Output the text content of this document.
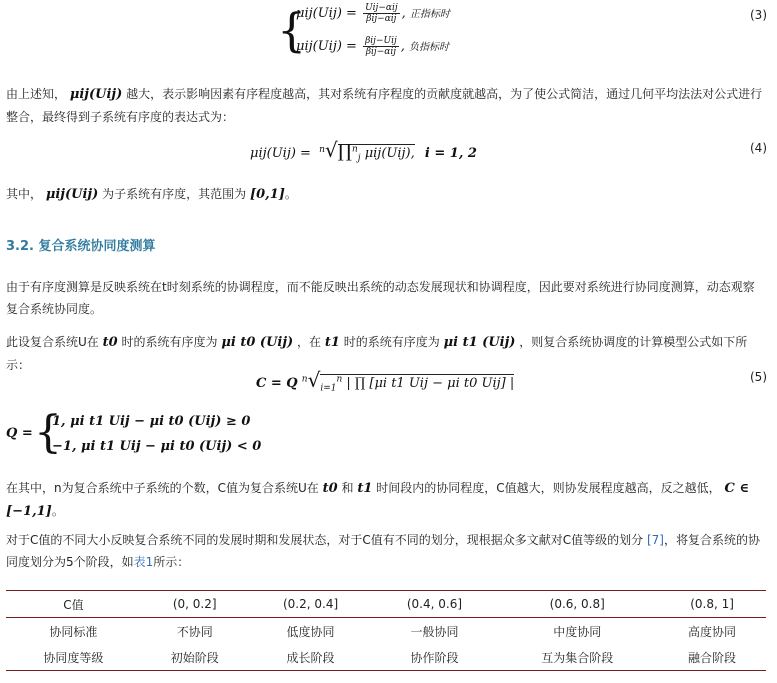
{
$\mu ij(Uij) = \frac{\text{Uij−αij}}{\text{βij−αij}}$ , 正指标时
$\mu ij(Uij) = \frac{\text{βij−Uij}}{\text{βij−αij}}$ , 负指标时
(3)
由上述知， μij(Uij) 越大，表示影响因素有序程度越高，其对系统有序程度的贡献度就越高，为了使公式简洁，通过几何平均法法对公式进行整合，最终得到子系统有序度的表达式为：
μij(Uij) = $^n$√∏$^n_j$ μij(Uij), i = 1, 2	(4)
其中， μij(Uij) 为子系统有序度，其范围为 [0,1]。
3.2. 复合系统协同度测算
由于有序度测算是反映系统在t时刻系统的协调程度，而不能反映出系统的动态发展现状和协调程度，因此要对系统进行协同度测算，动态观察复合系统协同度。
此设复合系统U在 t0 时的系统有序度为 μi t0 (Uij) ，在 t1 时的系统有序度为 μi t1 (Uij) ，则复合系统协调度的计算模型公式如下所示：
C = Q $^n√_{i=1}^n$ | ∏ [μi t1 Uij − μi t0 Uij] |	(5)
Q = {
1, μi t1 Uij − μi t0 (Uij) ≥ 0
−1, μi t1 Uij − μi t0 (Uij) < 0
在其中，n为复合系统中子系统的个数，C值为复合系统U在 t0 和 t1 时间段内的协同程度，C值越大，则协发展程度越高，反之越低， C ∈ [−1,1]。
对于C值的不同大小反映复合系统不同的发展时期和发展状态，对于C值有不同的划分，现根据众多文献对C值等级的划分 [7]，将复合系统的协同度划分为5个阶段，如表1所示：
C值	(0, 0.2]	(0.2, 0.4]	(0.4, 0.6]	(0.6, 0.8]	(0.8, 1]
协同标准	不协同	低度协同	一般协同	中度协同	高度协同
协同度等级	初始阶段	成长阶段	协作阶段	互为集合阶段	融合阶段
